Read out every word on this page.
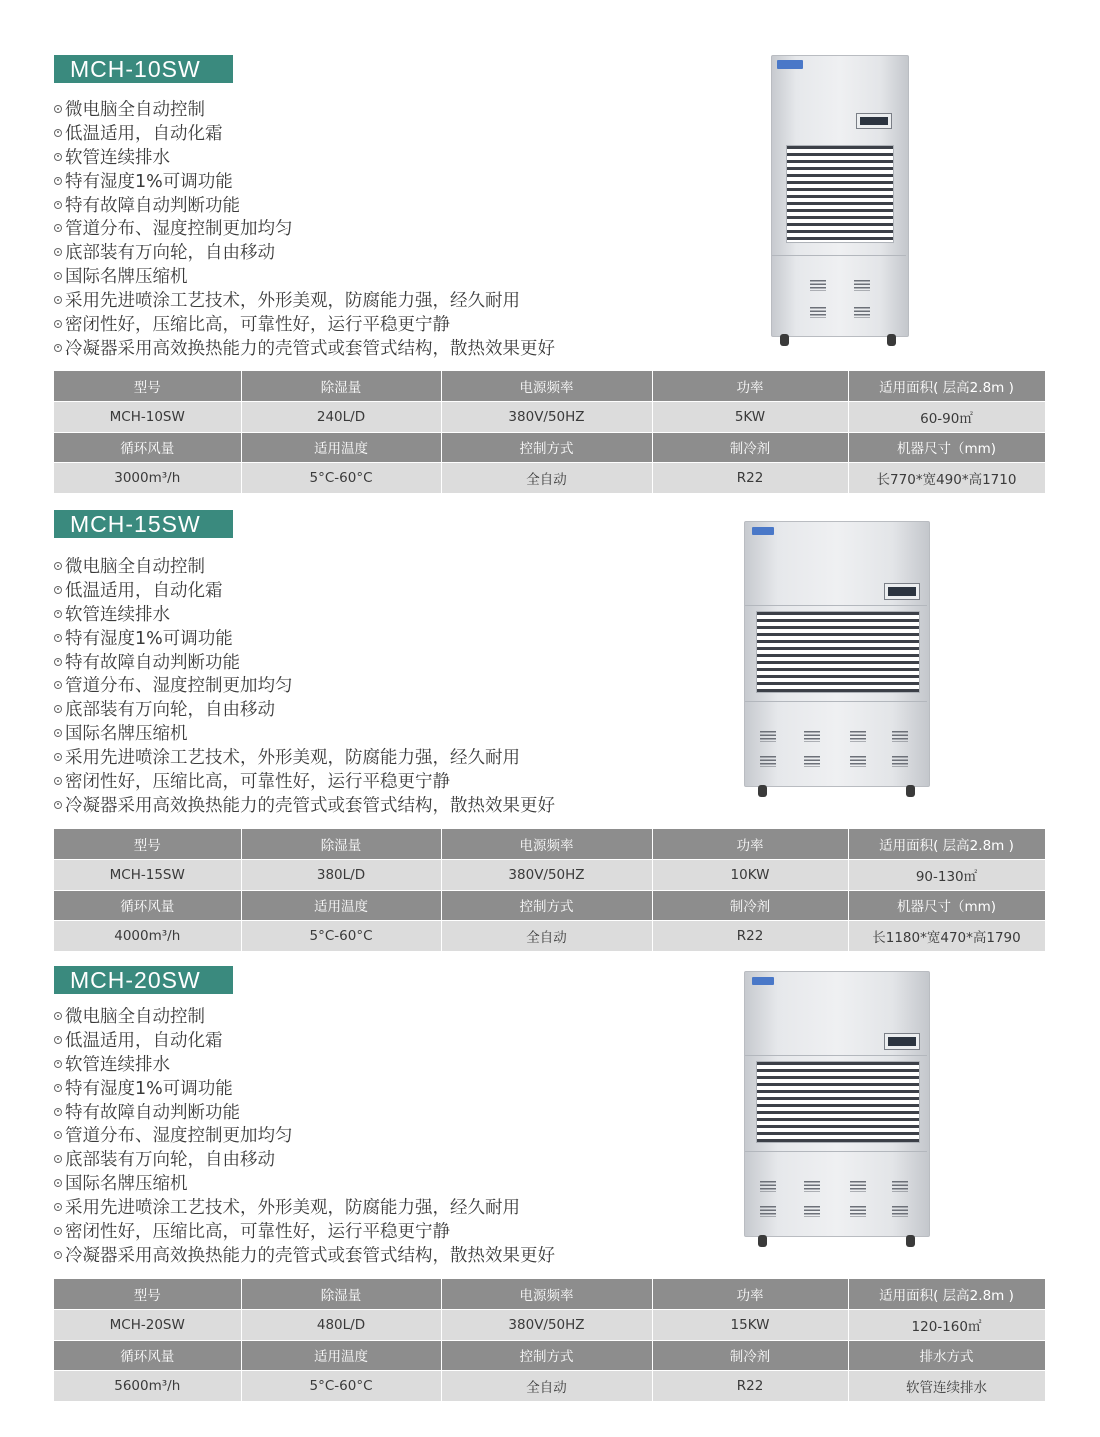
MCH-10SW
微电脑全自动控制
低温适用，自动化霜
软管连续排水
特有湿度1%可调功能
特有故障自动判断功能
管道分布、湿度控制更加均匀
底部装有万向轮，自由移动
国际名牌压缩机
采用先进喷涂工艺技术，外形美观，防腐能力强，经久耐用
密闭性好，压缩比高，可靠性好，运行平稳更宁静
冷凝器采用高效换热能力的壳管式或套管式结构，散热效果更好
型号	除湿量	电源频率	功率	适用面积( 层高2.8m )
MCH-10SW	240L/D	380V/50HZ	5KW	60-90㎡
循环风量	适用温度	控制方式	制冷剂	机器尺寸（mm)
3000m³/h	5°C-60°C	全自动	R22	长770*宽490*高1710
MCH-15SW
微电脑全自动控制
低温适用，自动化霜
软管连续排水
特有湿度1%可调功能
特有故障自动判断功能
管道分布、湿度控制更加均匀
底部装有万向轮，自由移动
国际名牌压缩机
采用先进喷涂工艺技术，外形美观，防腐能力强，经久耐用
密闭性好，压缩比高，可靠性好，运行平稳更宁静
冷凝器采用高效换热能力的壳管式或套管式结构，散热效果更好
型号	除湿量	电源频率	功率	适用面积( 层高2.8m )
MCH-15SW	380L/D	380V/50HZ	10KW	90-130㎡
循环风量	适用温度	控制方式	制冷剂	机器尺寸（mm)
4000m³/h	5°C-60°C	全自动	R22	长1180*宽470*高1790
MCH-20SW
微电脑全自动控制
低温适用，自动化霜
软管连续排水
特有湿度1%可调功能
特有故障自动判断功能
管道分布、湿度控制更加均匀
底部装有万向轮，自由移动
国际名牌压缩机
采用先进喷涂工艺技术，外形美观，防腐能力强，经久耐用
密闭性好，压缩比高，可靠性好，运行平稳更宁静
冷凝器采用高效换热能力的壳管式或套管式结构，散热效果更好
型号	除湿量	电源频率	功率	适用面积( 层高2.8m )
MCH-20SW	480L/D	380V/50HZ	15KW	120-160㎡
循环风量	适用温度	控制方式	制冷剂	排水方式
5600m³/h	5°C-60°C	全自动	R22	软管连续排水
